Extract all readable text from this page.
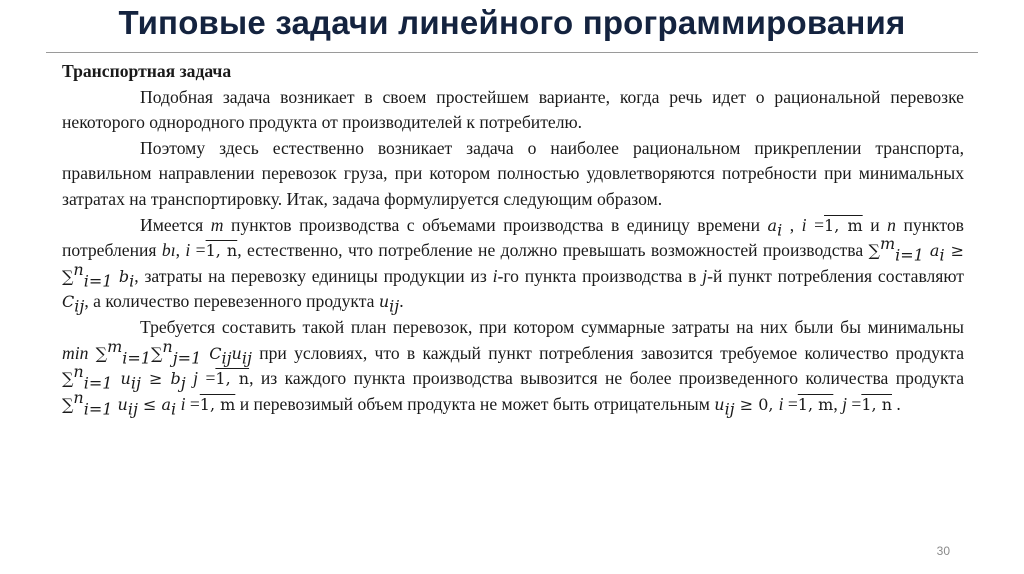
Типовые задачи линейного программирования

Транспортная задача

Подобная задача возникает в своем простейшем варианте, когда речь идет о рациональной перевозке некоторого однородного продукта от производителей к потребителю.

Поэтому здесь естественно возникает задача о наиболее рациональном прикреплении транспорта, правильном направлении перевозок груза, при котором полностью удовлетворяются потребности при минимальных затратах на транспортировку. Итак, задача формулируется следующим образом.

Имеется m пунктов производства с объемами производства в единицу времени $a_i$ , i =1, m и n пунктов потребления bı, i =1, n, естественно, что потребление не должно превышать возможностей производства ∑$^m_{i=1}$ $a_i \ge \sum^n_{i=1}$ $b_i$, затраты на перевозку единицы продукции из i-го пункта производства в j-й пункт потребления составляют $C_{ij}$, а количество перевезенного продукта $u_{ij}$.

Требуется составить такой план перевозок, при котором суммарные затраты на них были бы минимальны min ∑$^m_{i=1}$∑$^n_{j=1}$ $C_{ij}u_{ij}$ при условиях, что в каждый пункт потребления завозится требуемое количество продукта ∑$^n_{i=1}$ $u_{ij} \ge b_j$ j =1, n, из каждого пункта производства вывозится не более произведенного количества продукта ∑$^n_{i=1}$ $u_{ij} \le a_i$ i =1, m и перевозимый объем продукта не может быть отрицательным $u_{ij} \ge 0$, i =1, m, j =1, n .

30
